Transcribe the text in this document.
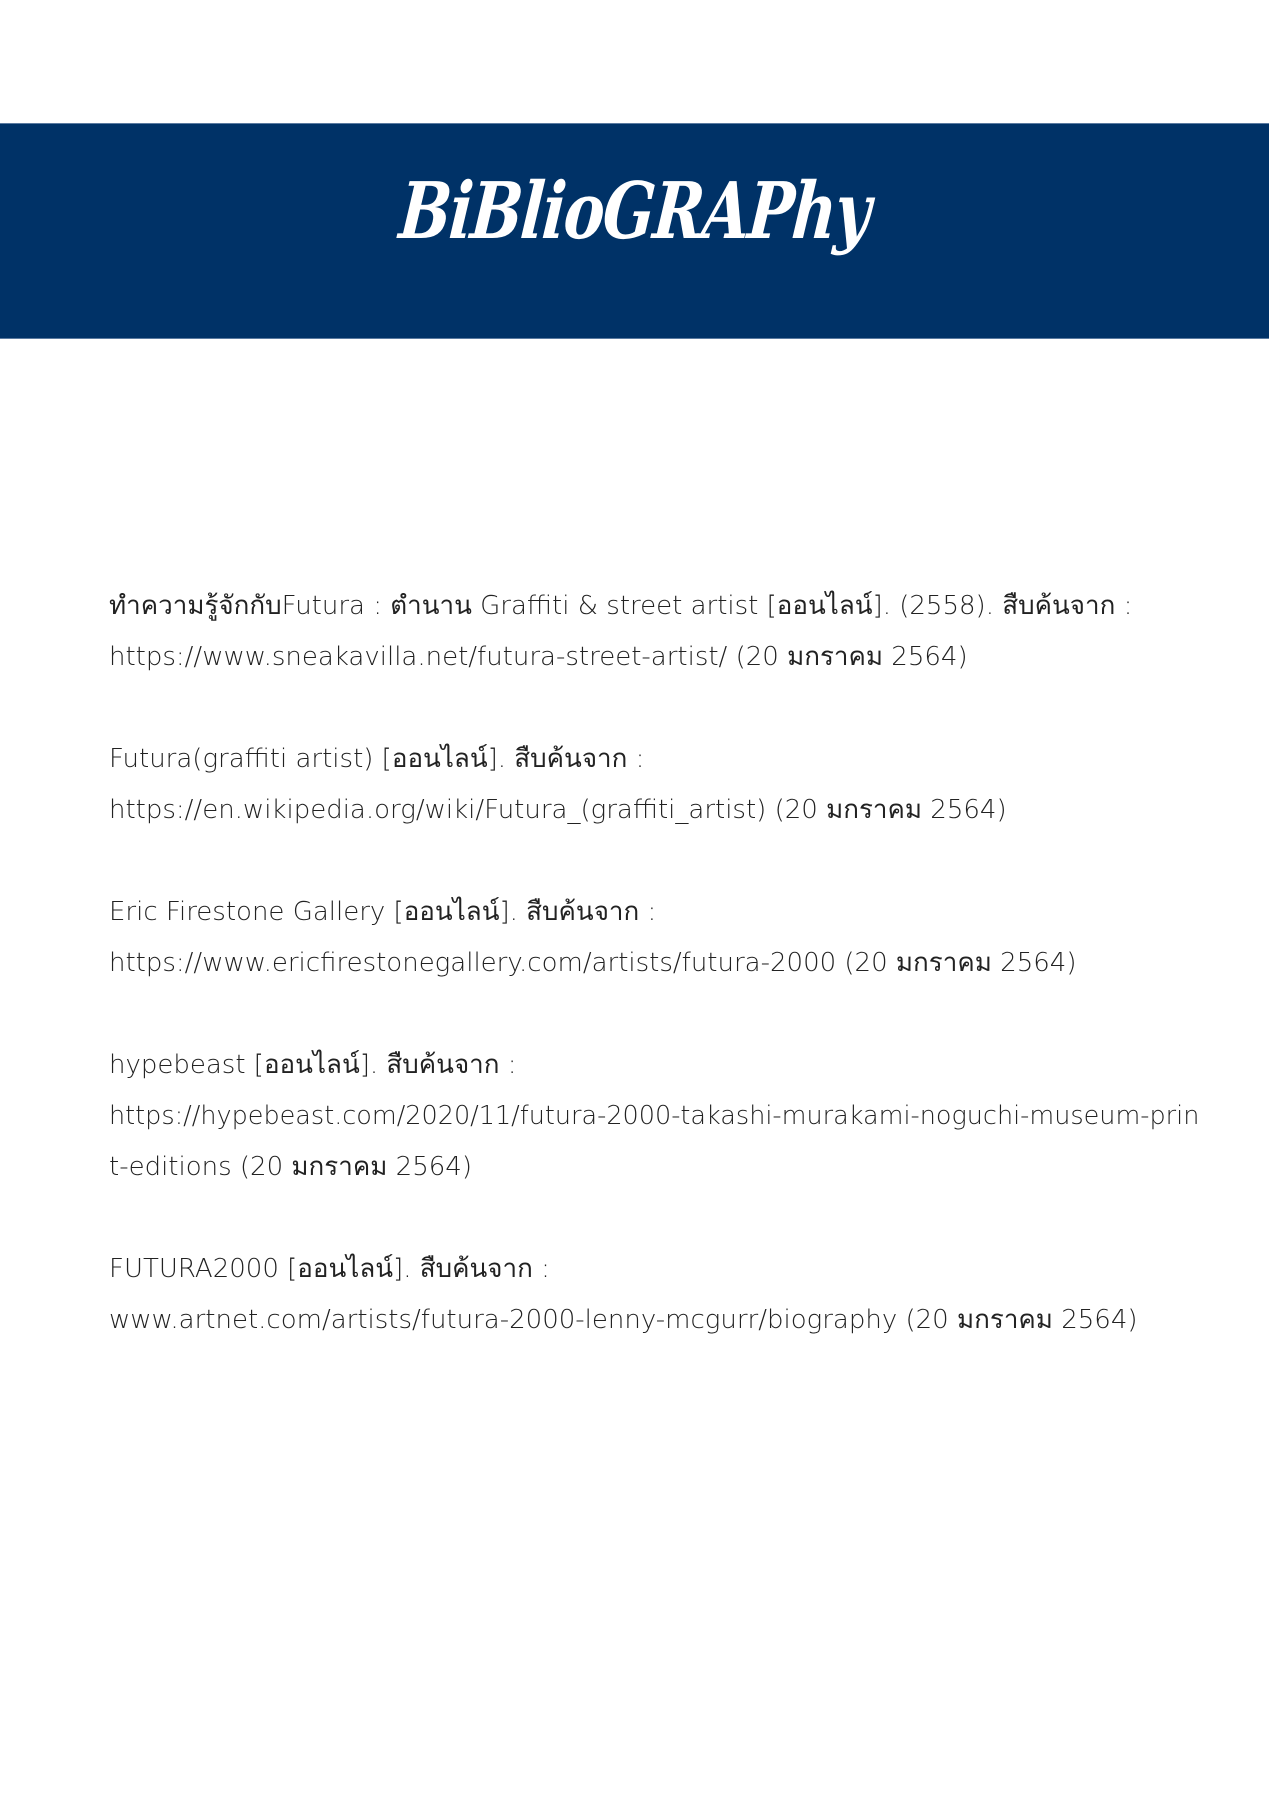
BiBlioGRAPhy
ทำความรู้จักกับFutura : ตำนาน Graffiti & street artist [ออนไลน์]. (2558). สืบค้นจาก :
https://www.sneakavilla.net/futura-street-artist/ (20 มกราคม 2564)
Futura(graffiti artist) [ออนไลน์]. สืบค้นจาก :
https://en.wikipedia.org/wiki/Futura_(graffiti_artist) (20 มกราคม 2564)
Eric Firestone Gallery [ออนไลน์]. สืบค้นจาก :
https://www.ericfirestonegallery.com/artists/futura-2000 (20 มกราคม 2564)
hypebeast [ออนไลน์]. สืบค้นจาก :
https://hypebeast.com/2020/11/futura-2000-takashi-murakami-noguchi-museum-prin
t-editions (20 มกราคม 2564)
FUTURA2000 [ออนไลน์]. สืบค้นจาก :
www.artnet.com/artists/futura-2000-lenny-mcgurr/biography (20 มกราคม 2564)
